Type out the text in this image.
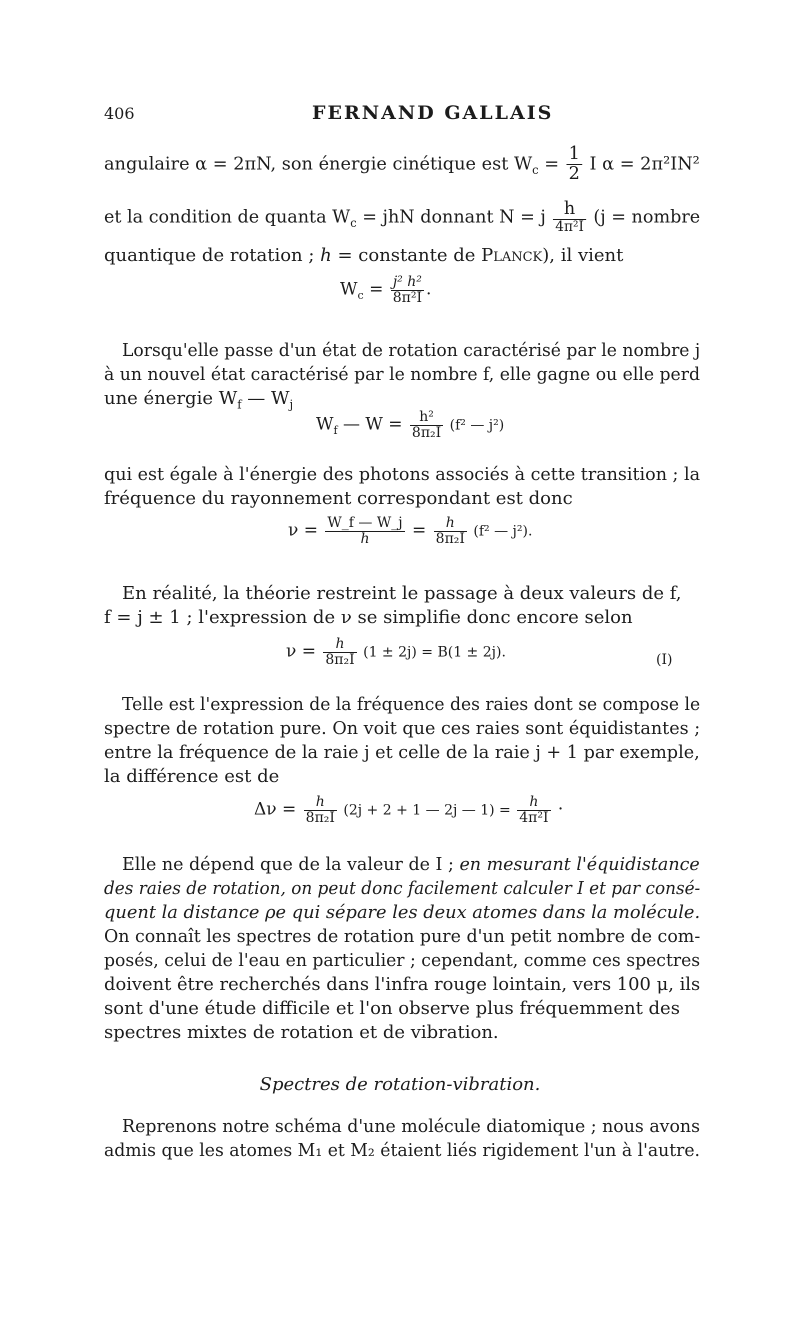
406	FERNAND GALLAIS
angulaire α = 2πN, son énergie cinétique est $W_c = \frac{1}{2}$ I α = 2π²IN²
et la condition de quanta $W_c$ = jhN donnant N = j $\frac{h}{\text{4π²I}} (j$ = nombre
quantique de rotation ; h = constante de Planck), il vient
$W_c = \frac{\text{j² h²}}{\text{8π²I}}$ .
Lorsqu'elle passe d'un état de rotation caractérisé par le nombre j
à un nouvel état caractérisé par le nombre f, elle gagne ou elle perd
une énergie $W_f$ — $W_j$
$W_f$ — $W = \frac{\text{h²}}{\text{8π₂I}} (f^2$ — j²)
qui est égale à l'énergie des photons associés à cette transition ; la
fréquence du rayonnement correspondant est donc
$\nu = \frac{W\_f — W\_j}{h} = \frac{h}{\text{8π₂I}} (f^2$ — j²).
En réalité, la théorie restreint le passage à deux valeurs de f,
f = j ± 1 ; l'expression de ν se simplifie donc encore selon
$\nu = \frac{h}{\text{8π₂I}} (1 \pm 2j) = B(1 \pm 2j)$.	(I)
Telle est l'expression de la fréquence des raies dont se compose le
spectre de rotation pure. On voit que ces raies sont équidistantes ;
entre la fréquence de la raie j et celle de la raie j + 1 par exemple,
la différence est de
$\Delta\nu = \frac{h}{\text{8π₂I}} (2j + 2 + 1$ — 2j — $1) = \frac{h}{\text{4π²I}}$ ·
Elle ne dépend que de la valeur de I ; en mesurant l'équidistance
des raies de rotation, on peut donc facilement calculer I et par consé-
quent la distance ρe qui sépare les deux atomes dans la molécule.
On connaît les spectres de rotation pure d'un petit nombre de com-
posés, celui de l'eau en particulier ; cependant, comme ces spectres
doivent être recherchés dans l'infra rouge lointain, vers 100 μ, ils
sont d'une étude difficile et l'on observe plus fréquemment des
spectres mixtes de rotation et de vibration.
Spectres de rotation-vibration.
Reprenons notre schéma d'une molécule diatomique ; nous avons
admis que les atomes M₁ et M₂ étaient liés rigidement l'un à l'autre.
